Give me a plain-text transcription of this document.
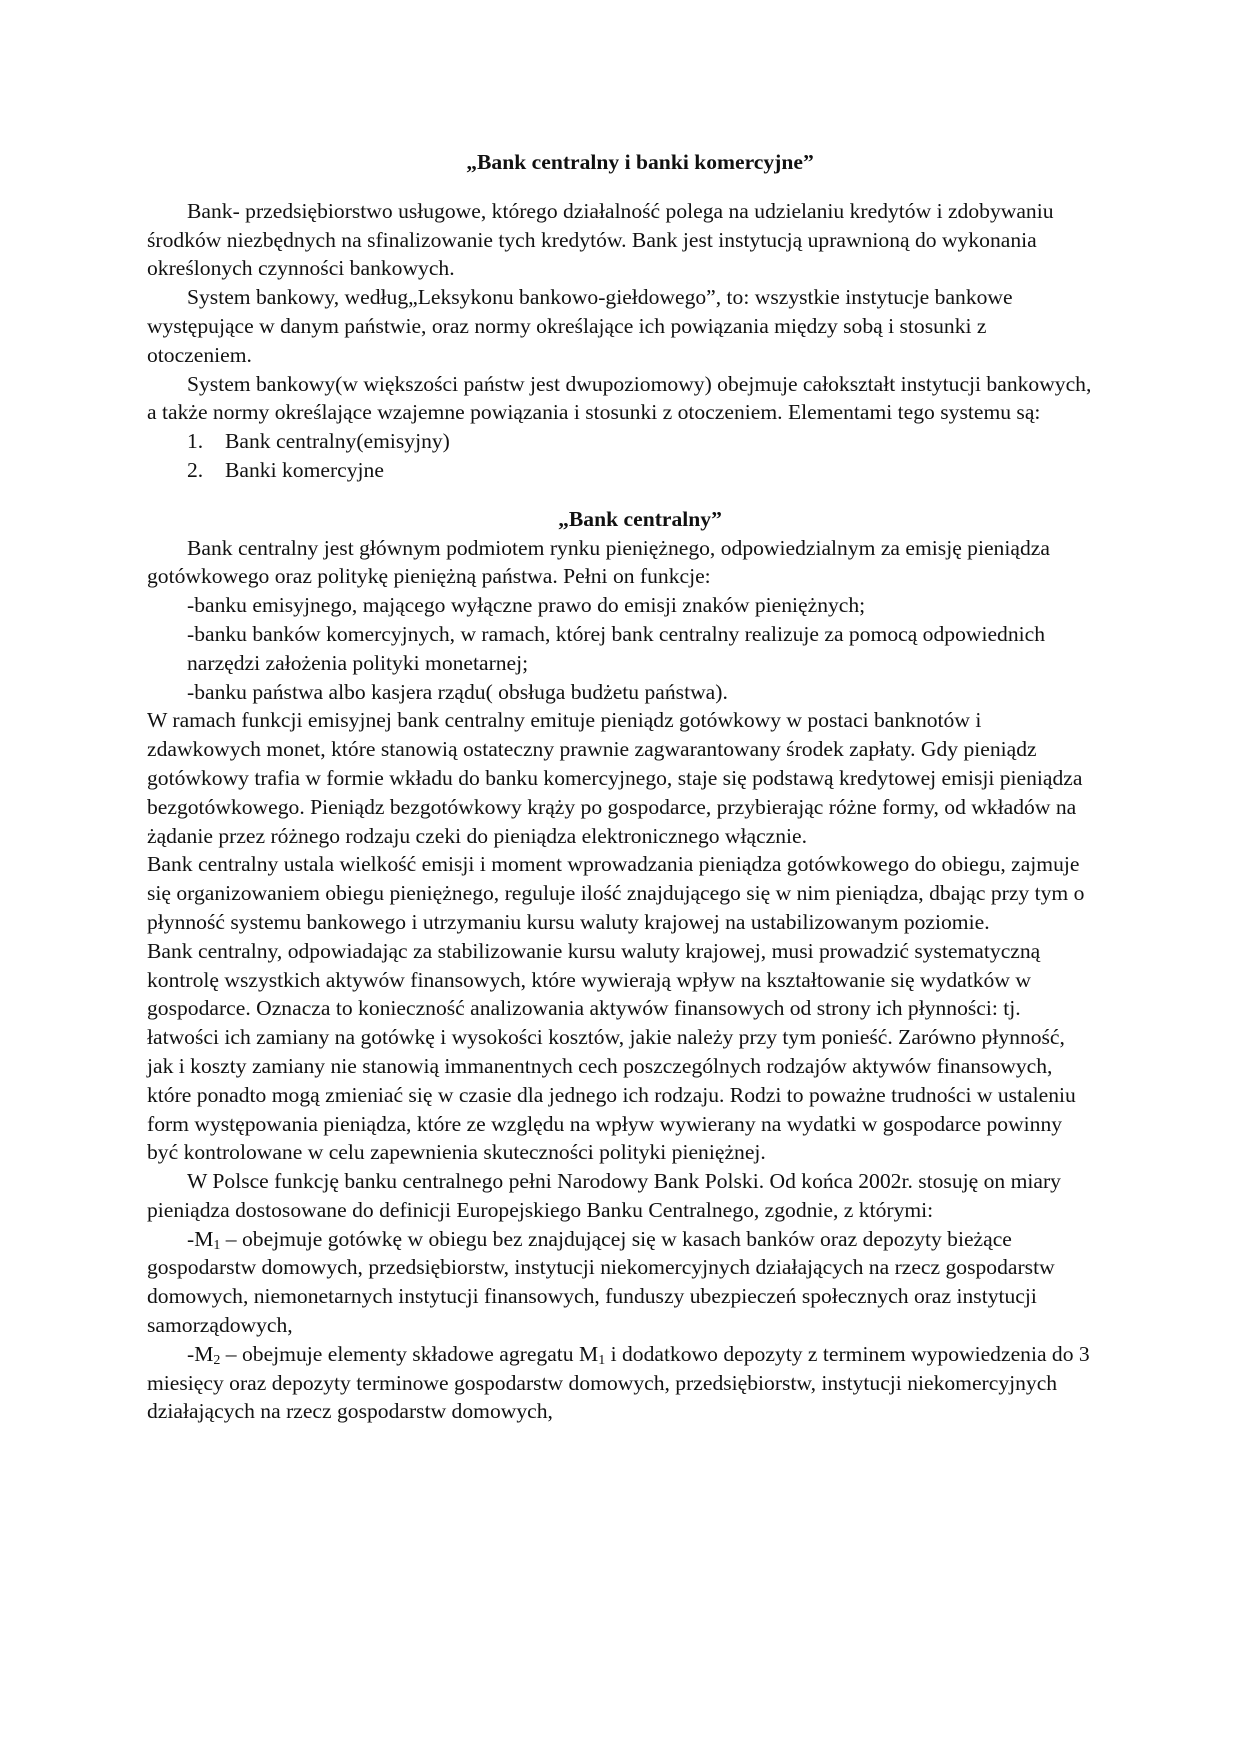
„Bank centralny i banki komercyjne”

Bank- przedsiębiorstwo usługowe, którego działalność polega na udzielaniu kredytów i zdobywaniu środków niezbędnych na sfinalizowanie tych kredytów. Bank jest instytucją uprawnioną do wykonania określonych czynności bankowych.

System bankowy, według„Leksykonu bankowo-giełdowego”, to: wszystkie instytucje bankowe występujące w danym państwie, oraz normy określające ich powiązania między sobą i stosunki z otoczeniem.

System bankowy(w większości państw jest dwupoziomowy) obejmuje całokształt instytucji bankowych, a także normy określające wzajemne powiązania i stosunki z otoczeniem. Elementami tego systemu są:

1. Bank centralny(emisyjny)
2. Banki komercyjne

„Bank centralny”

Bank centralny jest głównym podmiotem rynku pieniężnego, odpowiedzialnym za emisję pieniądza gotówkowego oraz politykę pieniężną państwa. Pełni on funkcje:

-banku emisyjnego, mającego wyłączne prawo do emisji znaków pieniężnych;

-banku banków komercyjnych, w ramach, której bank centralny realizuje za pomocą odpowiednich narzędzi założenia polityki monetarnej;

-banku państwa albo kasjera rządu( obsługa budżetu państwa).

W ramach funkcji emisyjnej bank centralny emituje pieniądz gotówkowy w postaci banknotów i zdawkowych monet, które stanowią ostateczny prawnie zagwarantowany środek zapłaty. Gdy pieniądz gotówkowy trafia w formie wkładu do banku komercyjnego, staje się podstawą kredytowej emisji pieniądza bezgotówkowego. Pieniądz bezgotówkowy krąży po gospodarce, przybierając różne formy, od wkładów na żądanie przez różnego rodzaju czeki do pieniądza elektronicznego włącznie.

Bank centralny ustala wielkość emisji i moment wprowadzania pieniądza gotówkowego do obiegu, zajmuje się organizowaniem obiegu pieniężnego, reguluje ilość znajdującego się w nim pieniądza, dbając przy tym o płynność systemu bankowego i utrzymaniu kursu waluty krajowej na ustabilizowanym poziomie.

Bank centralny, odpowiadając za stabilizowanie kursu waluty krajowej, musi prowadzić systematyczną kontrolę wszystkich aktywów finansowych, które wywierają wpływ na kształtowanie się wydatków w gospodarce. Oznacza to konieczność analizowania aktywów finansowych od strony ich płynności: tj. łatwości ich zamiany na gotówkę i wysokości kosztów, jakie należy przy tym ponieść. Zarówno płynność, jak i koszty zamiany nie stanowią immanentnych cech poszczególnych rodzajów aktywów finansowych, które ponadto mogą zmieniać się w czasie dla jednego ich rodzaju. Rodzi to poważne trudności w ustaleniu form występowania pieniądza, które ze względu na wpływ wywierany na wydatki w gospodarce powinny być kontrolowane w celu zapewnienia skuteczności polityki pieniężnej.

W Polsce funkcję banku centralnego pełni Narodowy Bank Polski. Od końca 2002r. stosuję on miary pieniądza dostosowane do definicji Europejskiego Banku Centralnego, zgodnie, z którymi:

-M1 – obejmuje gotówkę w obiegu bez znajdującej się w kasach banków oraz depozyty bieżące gospodarstw domowych, przedsiębiorstw, instytucji niekomercyjnych działających na rzecz gospodarstw domowych, niemonetarnych instytucji finansowych, funduszy ubezpieczeń społecznych oraz instytucji samorządowych,

-M2 – obejmuje elementy składowe agregatu M1 i dodatkowo depozyty z terminem wypowiedzenia do 3 miesięcy oraz depozyty terminowe gospodarstw domowych, przedsiębiorstw, instytucji niekomercyjnych działających na rzecz gospodarstw domowych,
